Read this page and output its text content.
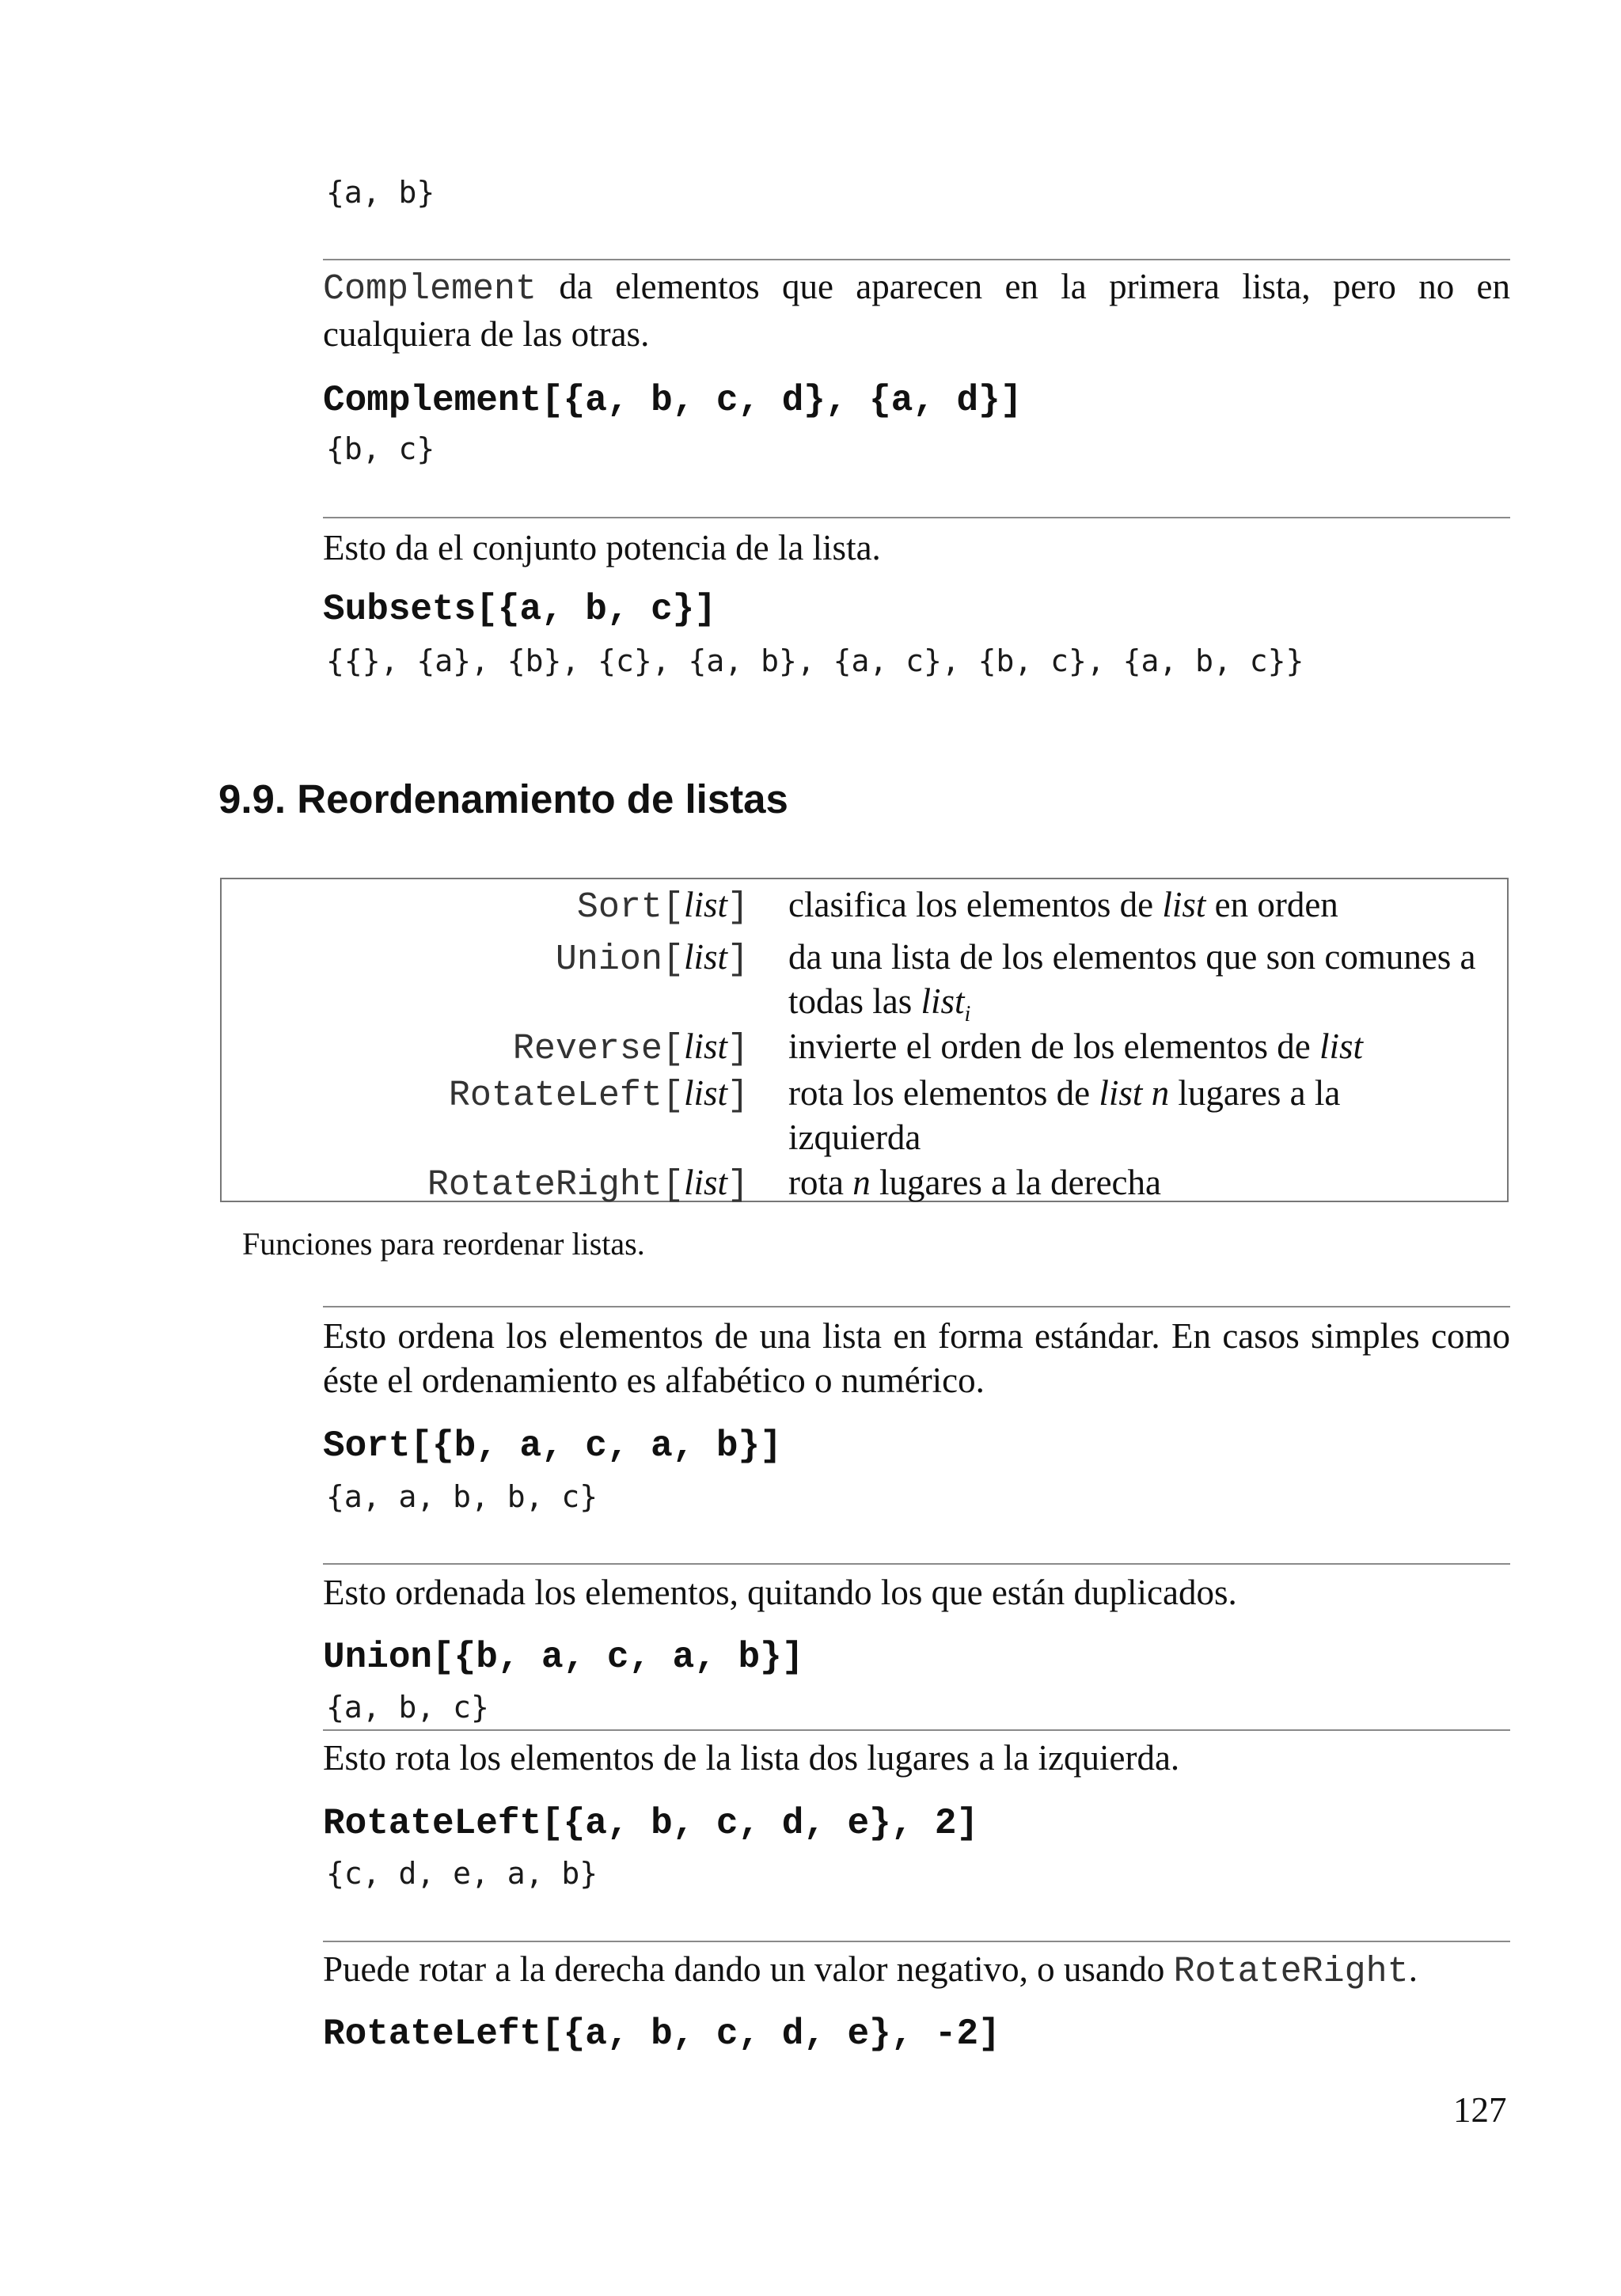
{a, b}
Complement da elementos que aparecen en la primera lista, pero no en cualquiera de las otras.
Complement[{a, b, c, d}, {a, d}]
{b, c}
Esto da el conjunto potencia de la lista.
Subsets[{a, b, c}]
{{}, {a}, {b}, {c}, {a, b}, {a, c}, {b, c}, {a, b, c}}
9.9. Reordenamiento de listas
Sort[list] clasifica los elementos de list en orden
Union[list] da una lista de los elementos que son comunes a todas las list$_i$
Reverse[list] invierte el orden de los elementos de list
RotateLeft[list] rota los elementos de list n lugares a la izquierda
RotateRight[list] rota n lugares a la derecha
Funciones para reordenar listas.
Esto ordena los elementos de una lista en forma estándar. En casos simples como éste el ordenamiento es alfabético o numérico.
Sort[{b, a, c, a, b}]
{a, a, b, b, c}
Esto ordenada los elementos, quitando los que están duplicados.
Union[{b, a, c, a, b}]
{a, b, c}
Esto rota los elementos de la lista dos lugares a la izquierda.
RotateLeft[{a, b, c, d, e}, 2]
{c, d, e, a, b}
Puede rotar a la derecha dando un valor negativo, o usando RotateRight.
RotateLeft[{a, b, c, d, e}, -2]
127
